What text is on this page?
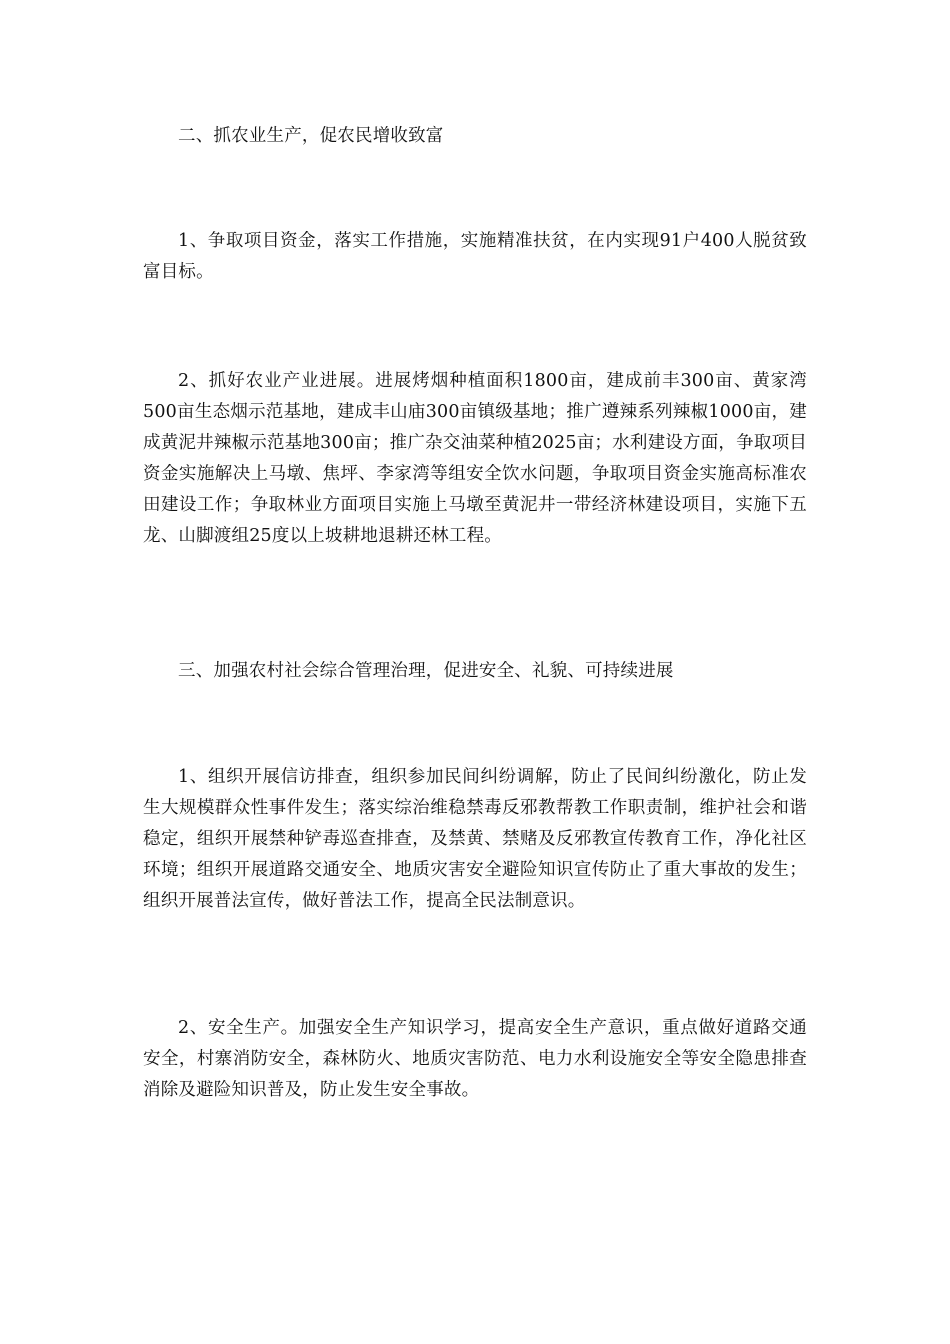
二、抓农业生产，促农民增收致富

1、争取项目资金，落实工作措施，实施精准扶贫，在内实现91户400人脱贫致富目标。

2、抓好农业产业进展。进展烤烟种植面积1800亩，建成前丰300亩、黄家湾500亩生态烟示范基地，建成丰山庙300亩镇级基地；推广遵辣系列辣椒1000亩，建成黄泥井辣椒示范基地300亩；推广杂交油菜种植2025亩；水利建设方面，争取项目资金实施解决上马墩、焦坪、李家湾等组安全饮水问题，争取项目资金实施高标准农田建设工作；争取林业方面项目实施上马墩至黄泥井一带经济林建设项目，实施下五龙、山脚渡组25度以上坡耕地退耕还林工程。

三、加强农村社会综合管理治理，促进安全、礼貌、可持续进展

1、组织开展信访排查，组织参加民间纠纷调解，防止了民间纠纷激化，防止发生大规模群众性事件发生；落实综治维稳禁毒反邪教帮教工作职责制，维护社会和谐稳定，组织开展禁种铲毒巡查排查，及禁黄、禁赌及反邪教宣传教育工作，净化社区环境；组织开展道路交通安全、地质灾害安全避险知识宣传防止了重大事故的发生；组织开展普法宣传，做好普法工作，提高全民法制意识。

2、安全生产。加强安全生产知识学习，提高安全生产意识，重点做好道路交通安全，村寨消防安全，森林防火、地质灾害防范、电力水利设施安全等安全隐患排查消除及避险知识普及，防止发生安全事故。
